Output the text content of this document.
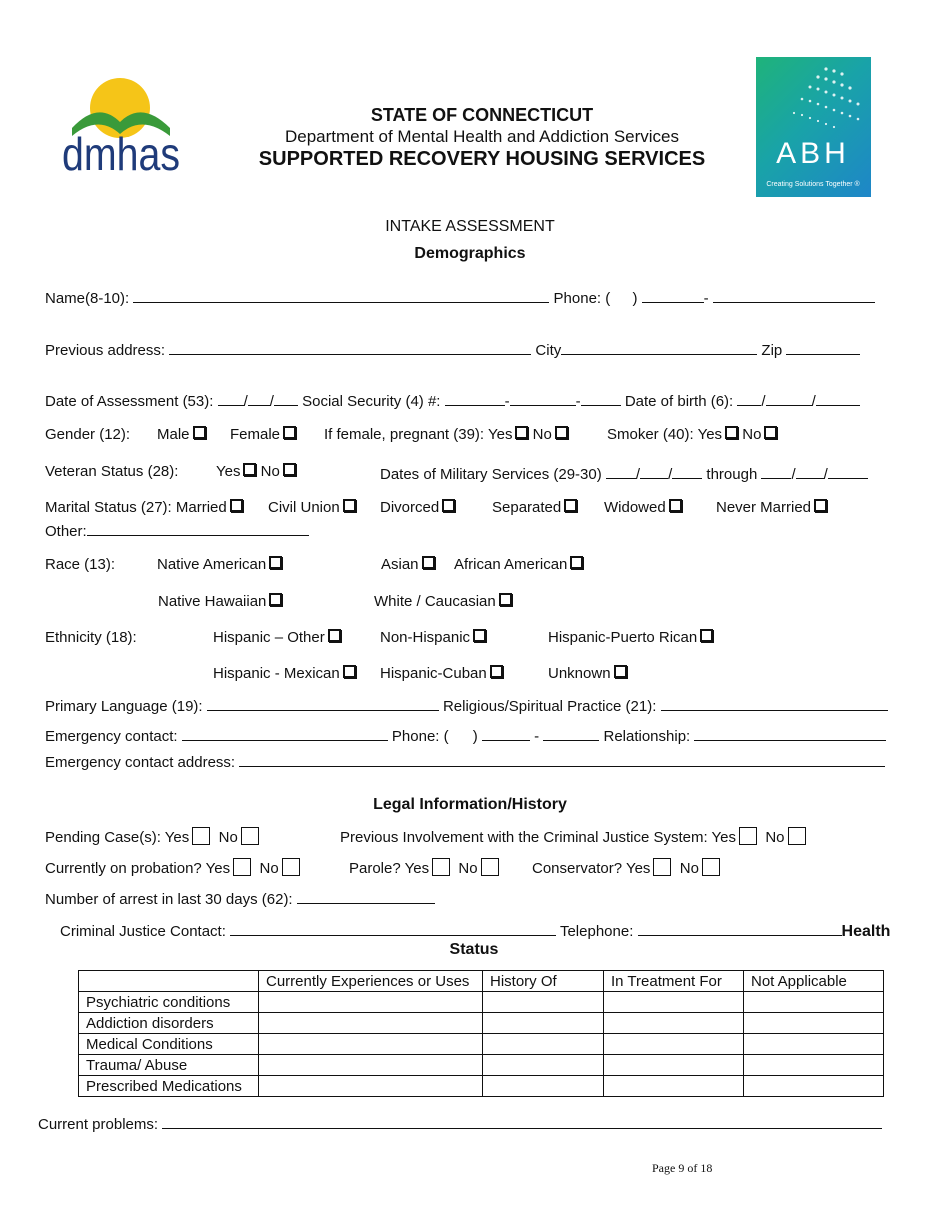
dmhas
STATE OF CONNECTICUT
Department of Mental Health and Addiction Services
SUPPORTED RECOVERY HOUSING SERVICES	ABH
Creating Solutions Together ®
INTAKE ASSESSMENT
Demographics
Name(8-10):	Phone: ( )	-
Previous address:	City	Zip
Date of Assessment (53): / / Social Security (4) #:	-	-	Date of birth (6): /	/
Gender (12): Male	Female	If female, pregnant (39): Yes No	Smoker (40): Yes No
Veteran Status (28):	Yes No	Dates of Military Services (29-30) / / through / /
Marital Status (27): Married	Civil Union	Divorced	Separated	Widowed	Never Married
Other:
Race (13):	Native American	Asian	African American
Native Hawaiian	White / Caucasian
Ethnicity (18):	Hispanic – Other	Non-Hispanic	Hispanic-Puerto Rican
Hispanic - Mexican	Hispanic-Cuban	Unknown
Primary Language (19):	Religious/Spiritual Practice (21):
Emergency contact:	Phone: ( )	-	Relationship:
Emergency contact address:
Legal Information/History
Pending Case(s): Yes No	Previous Involvement with the Criminal Justice System: Yes No
Currently on probation? Yes No	Parole? Yes No	Conservator? Yes No
Number of arrest in last 30 days (62):
Criminal Justice Contact:	Telephone:	Health
Status
	Currently Experiences or Uses	History Of	In Treatment For	Not Applicable
Psychiatric conditions				
Addiction disorders				
Medical Conditions				
Trauma/ Abuse				
Prescribed Medications				
Current problems:
Page 9 of 18
